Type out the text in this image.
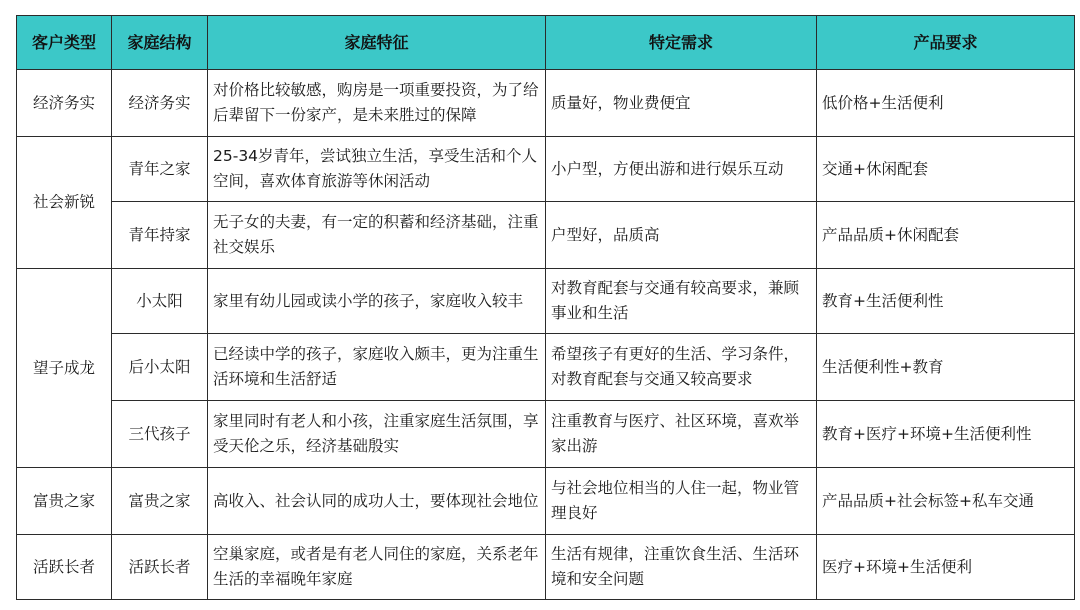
客户类型	家庭结构	家庭特征	特定需求	产品要求
经济务实	经济务实	对价格比较敏感，购房是一项重要投资，为了给后辈留下一份家产，是未来胜过的保障	质量好，物业费便宜	低价格+生活便利
社会新锐	青年之家	25-34岁青年，尝试独立生活，享受生活和个人空间，喜欢体育旅游等休闲活动	小户型，方便出游和进行娱乐互动	交通+休闲配套
	青年持家	无子女的夫妻，有一定的积蓄和经济基础，注重社交娱乐	户型好，品质高	产品品质+休闲配套
望子成龙	小太阳	家里有幼儿园或读小学的孩子，家庭收入较丰	对教育配套与交通有较高要求，兼顾事业和生活	教育+生活便利性
	后小太阳	已经读中学的孩子，家庭收入颇丰，更为注重生活环境和生活舒适	希望孩子有更好的生活、学习条件，对教育配套与交通又较高要求	生活便利性+教育
	三代孩子	家里同时有老人和小孩，注重家庭生活氛围，享受天伦之乐，经济基础殷实	注重教育与医疗、社区环境，喜欢举家出游	教育+医疗+环境+生活便利性
富贵之家	富贵之家	高收入、社会认同的成功人士，要体现社会地位	与社会地位相当的人住一起，物业管理良好	产品品质+社会标签+私车交通
活跃长者	活跃长者	空巢家庭，或者是有老人同住的家庭，关系老年生活的幸福晚年家庭	生活有规律，注重饮食生活、生活环境和安全问题	医疗+环境+生活便利
